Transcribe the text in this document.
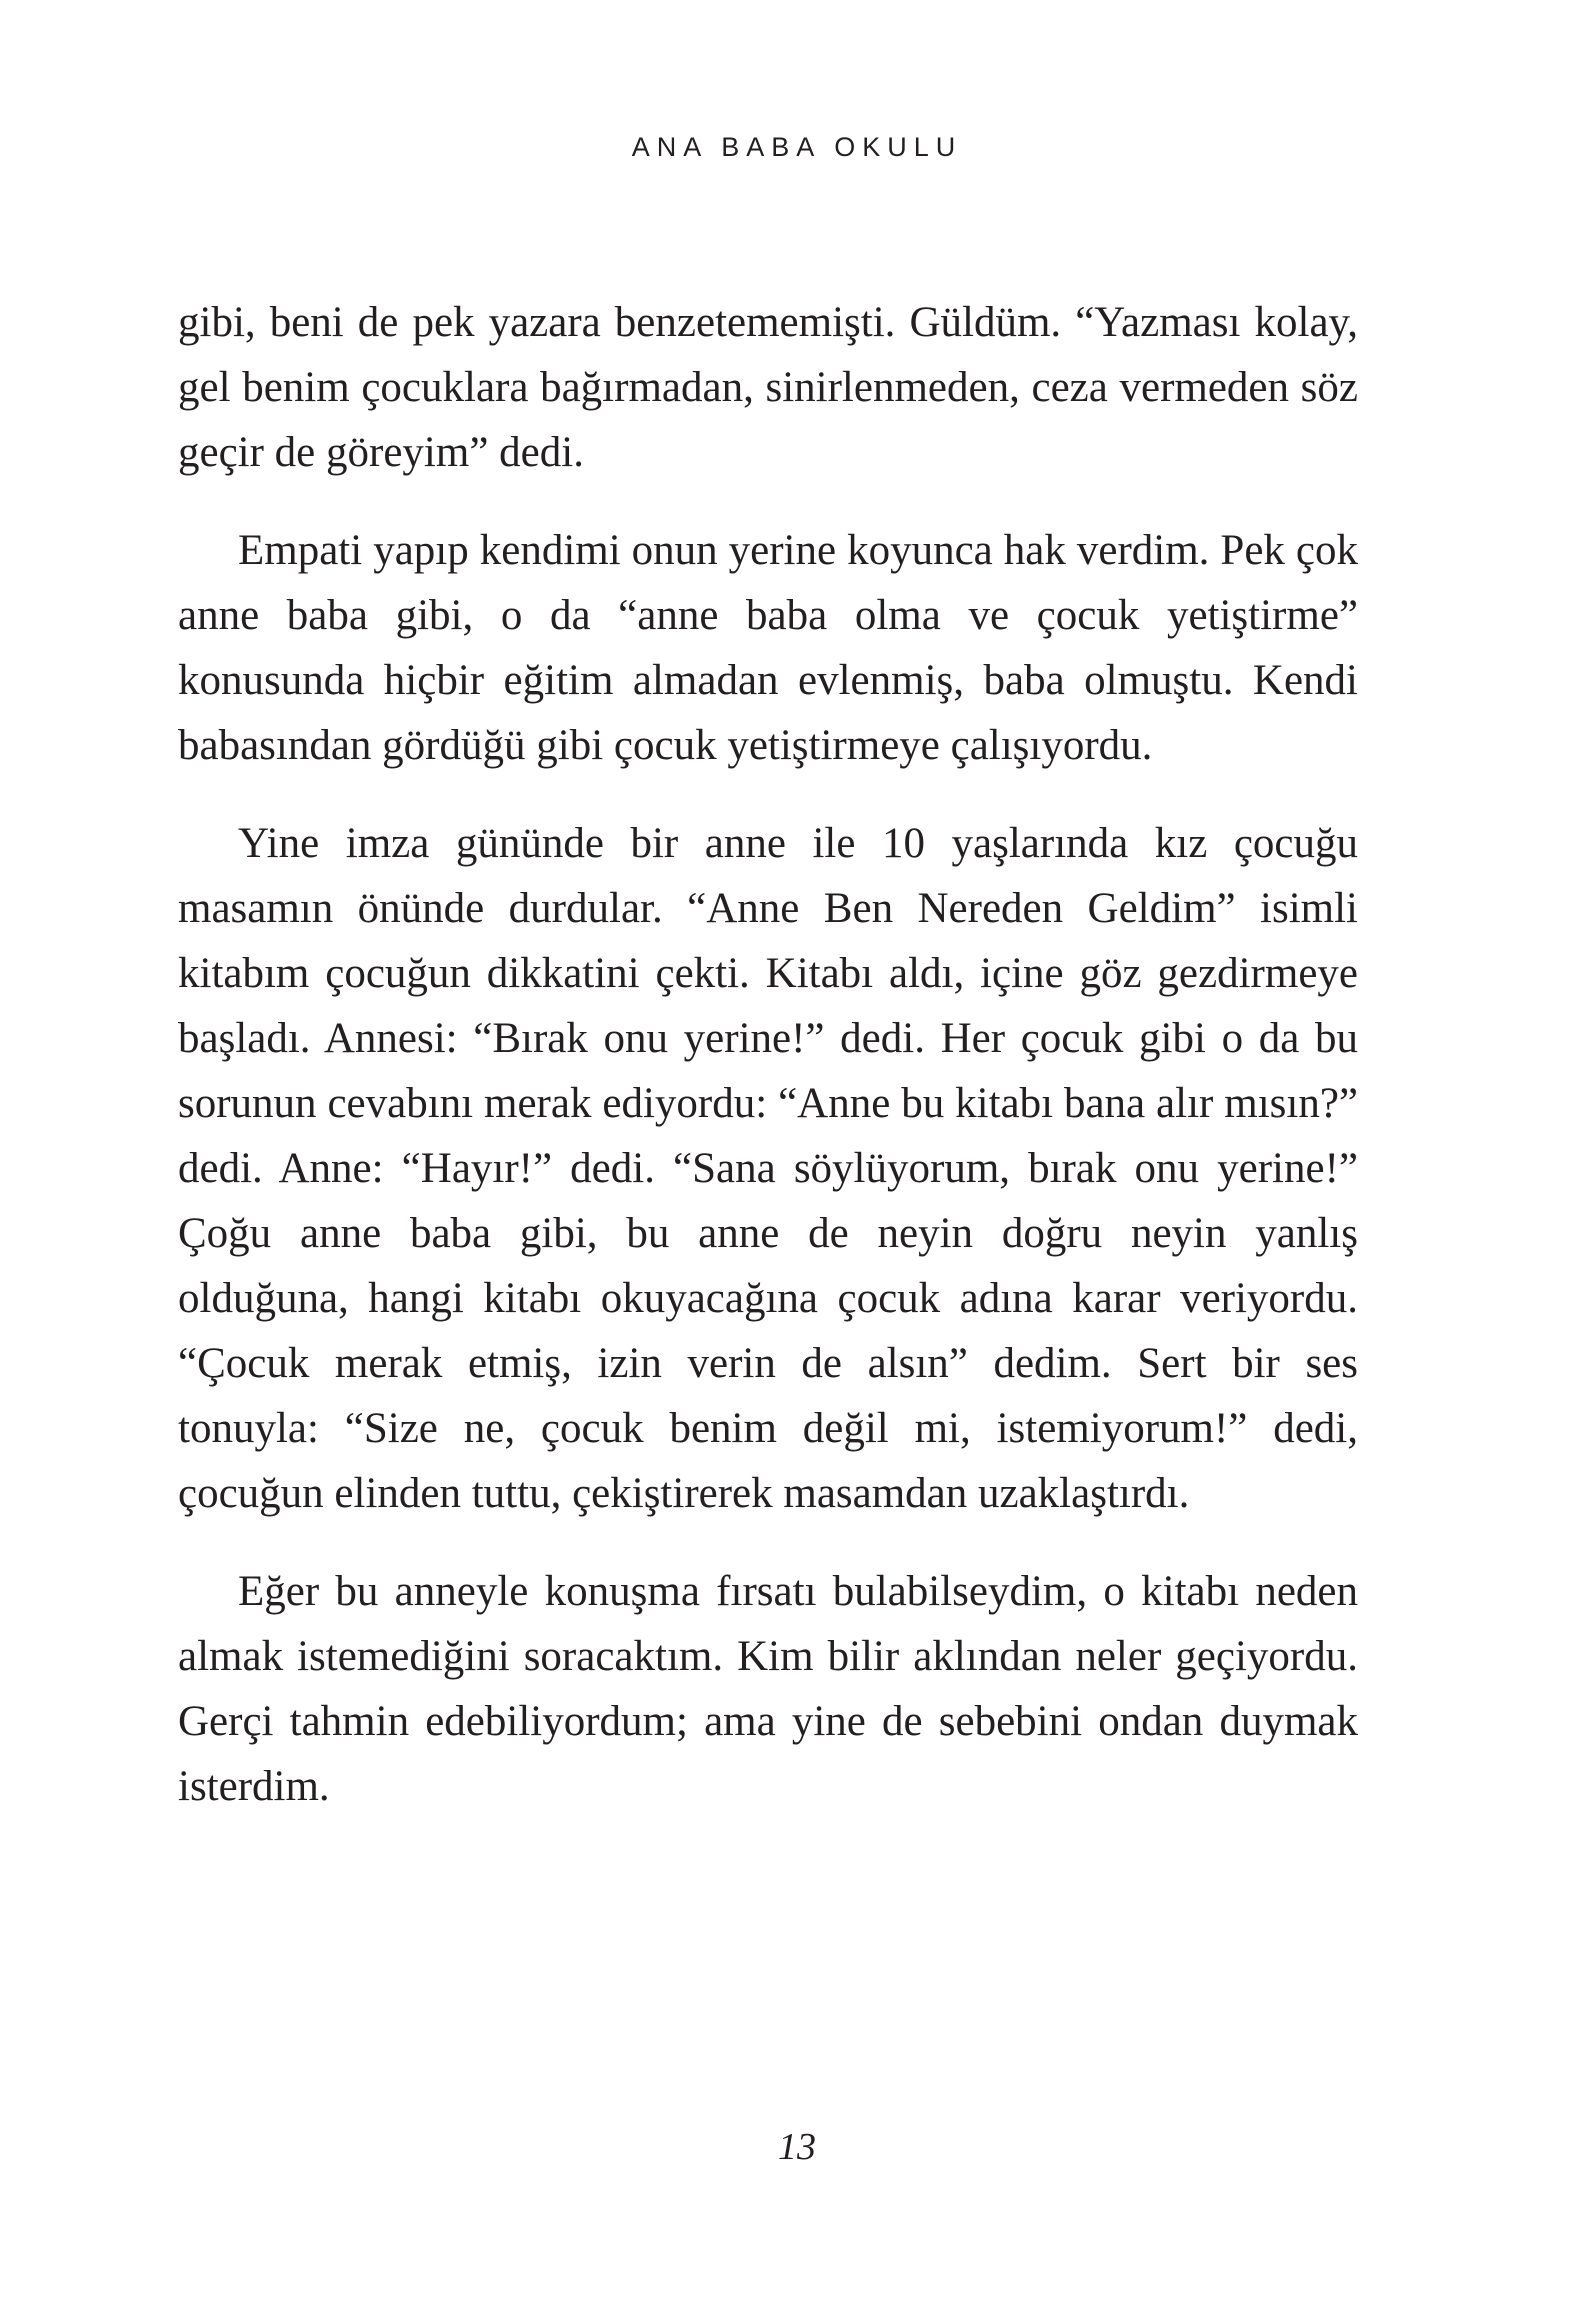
ANA BABA OKULU

gibi, beni de pek yazara benzetememişti. Güldüm. “Yazması kolay, gel benim çocuklara bağırmadan, sinirlenmeden, ceza vermeden söz geçir de göreyim” dedi.

Empati yapıp kendimi onun yerine koyunca hak verdim. Pek çok anne baba gibi, o da “anne baba olma ve çocuk yetiştirme” konusunda hiçbir eğitim almadan evlenmiş, baba olmuştu. Kendi babasından gördüğü gibi çocuk yetiştirmeye çalışıyordu.

Yine imza gününde bir anne ile 10 yaşlarında kız çocuğu masamın önünde durdular. “Anne Ben Nereden Geldim” isimli kitabım çocuğun dikkatini çekti. Kitabı aldı, içine göz gezdirmeye başladı. Annesi: “Bırak onu yerine!” dedi. Her çocuk gibi o da bu sorunun cevabını merak ediyordu: “Anne bu kitabı bana alır mısın?” dedi. Anne: “Hayır!” dedi. “Sana söylüyorum, bırak onu yerine!” Çoğu anne baba gibi, bu anne de neyin doğru neyin yanlış olduğuna, hangi kitabı okuyacağına çocuk adına karar veriyordu. “Çocuk merak etmiş, izin verin de alsın” dedim. Sert bir ses tonuyla: “Size ne, çocuk benim değil mi, istemiyorum!” dedi, çocuğun elinden tuttu, çekiştirerek masamdan uzaklaştırdı.

Eğer bu anneyle konuşma fırsatı bulabilseydim, o kitabı neden almak istemediğini soracaktım. Kim bilir aklından neler geçiyordu. Gerçi tahmin edebiliyordum; ama yine de sebebini ondan duymak isterdim.

13
